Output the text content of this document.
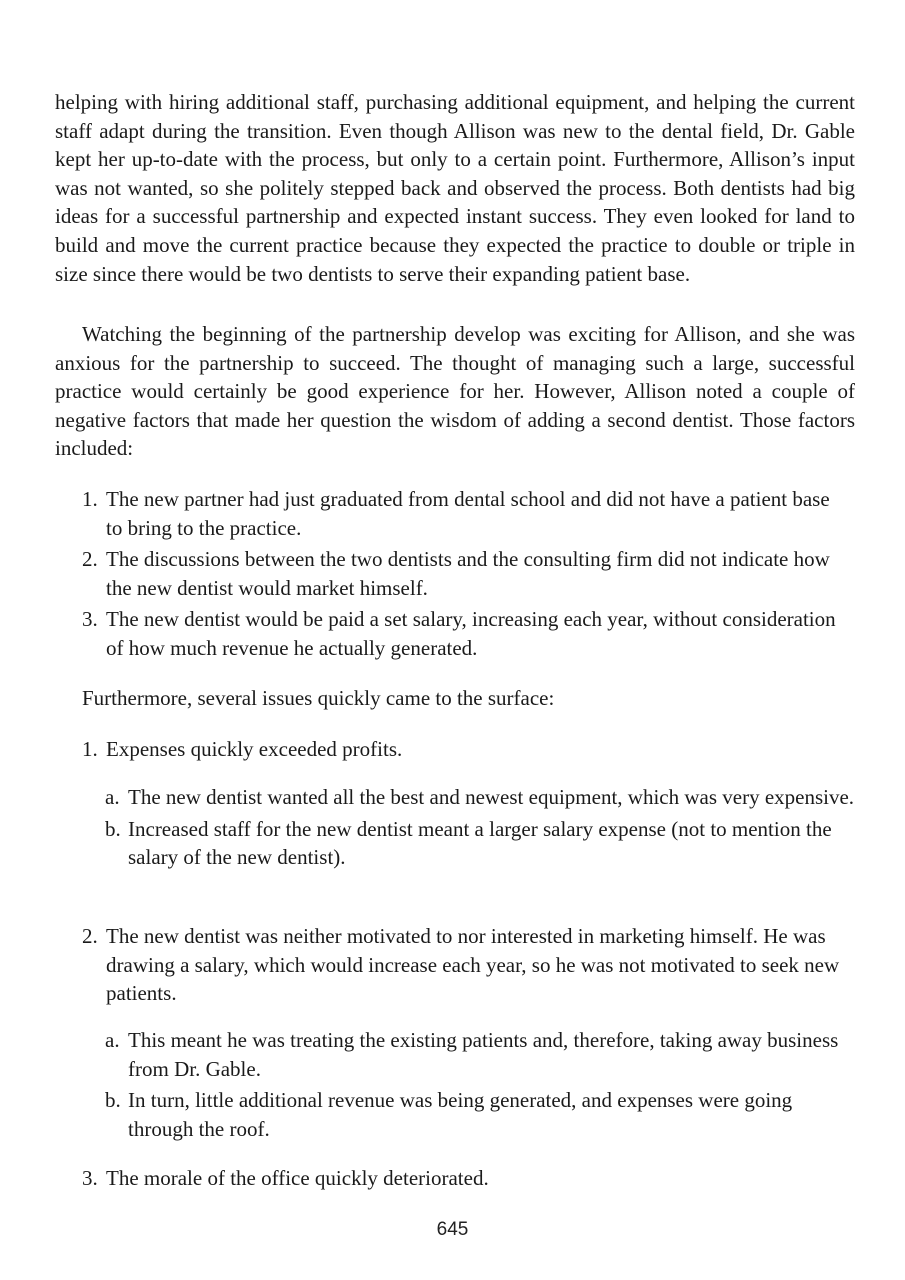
helping with hiring additional staff, purchasing additional equipment, and helping the current staff adapt during the transition. Even though Allison was new to the dental field, Dr. Gable kept her up-to-date with the process, but only to a certain point. Furthermore, Allison’s input was not wanted, so she politely stepped back and observed the process. Both dentists had big ideas for a successful partnership and expected instant success. They even looked for land to build and move the current practice because they expected the practice to double or triple in size since there would be two dentists to serve their expanding patient base.

Watching the beginning of the partnership develop was exciting for Allison, and she was anxious for the partnership to succeed. The thought of managing such a large, successful practice would certainly be good experience for her. However, Allison noted a couple of negative factors that made her question the wisdom of adding a second dentist. Those factors included:

1. The new partner had just graduated from dental school and did not have a patient base to bring to the practice.
2. The discussions between the two dentists and the consulting firm did not indicate how the new dentist would market himself.
3. The new dentist would be paid a set salary, increasing each year, without consideration of how much revenue he actually generated.

Furthermore, several issues quickly came to the surface:

1. Expenses quickly exceeded profits.
a. The new dentist wanted all the best and newest equipment, which was very expensive.
b. Increased staff for the new dentist meant a larger salary expense (not to mention the salary of the new dentist).
2. The new dentist was neither motivated to nor interested in marketing himself. He was drawing a salary, which would increase each year, so he was not motivated to seek new patients.
a. This meant he was treating the existing patients and, therefore, taking away business from Dr. Gable.
b. In turn, little additional revenue was being generated, and expenses were going through the roof.
3. The morale of the office quickly deteriorated.
645
